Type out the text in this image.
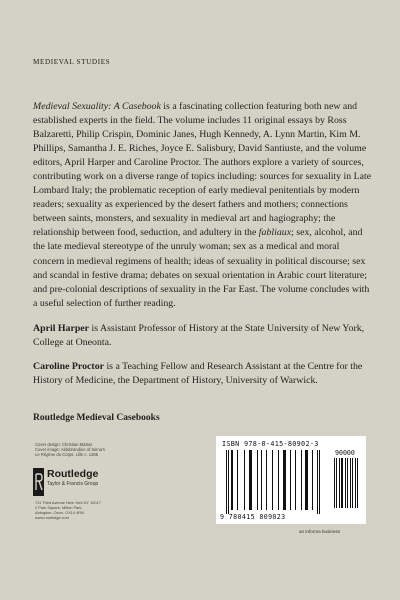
MEDIEVAL STUDIES

Medieval Sexuality: A Casebook is a fascinating collection featuring both new and established experts in the field. The volume includes 11 original essays by Ross Balzaretti, Philip Crispin, Dominic Janes, Hugh Kennedy, A. Lynn Martin, Kim M. Phillips, Samantha J. E. Riches, Joyce E. Salisbury, David Santiuste, and the volume editors, April Harper and Caroline Proctor. The authors explore a variety of sources, contributing work on a diverse range of topics including: sources for sexuality in Late Lombard Italy; the problematic reception of early medieval penitentials by modern readers; sexuality as experienced by the desert fathers and mothers; connections between saints, monsters, and sexuality in medieval art and hagiography; the relationship between food, seduction, and adultery in the fabliaux; sex, alcohol, and the late medieval stereotype of the unruly woman; sex as a medical and moral concern in medieval regimens of health; ideas of sexuality in political discourse; sex and scandal in festive drama; debates on sexual orientation in Arabic court literature; and pre-colonial descriptions of sexuality in the Far East. The volume concludes with a useful selection of further reading.

April Harper is Assistant Professor of History at the State University of New York, College at Oneonta.

Caroline Proctor is a Teaching Fellow and Research Assistant at the Centre for the History of Medicine, the Department of History, University of Warwick.

Routledge Medieval Casebooks
Cover design: Christian Mattos
Cover image: Aldobrandino of Siena's
Le Régime du Corps, Lille c. 1285
Routledge
Taylor & Francis Group
711 Third Avenue New York NY 10017
2 Park Square, Milton Park,
Abingdon, Oxon. OX14 4RN
www.routledge.com
ISBN 978-0-415-80902-3
90000
9 780415 809023
an informa business
